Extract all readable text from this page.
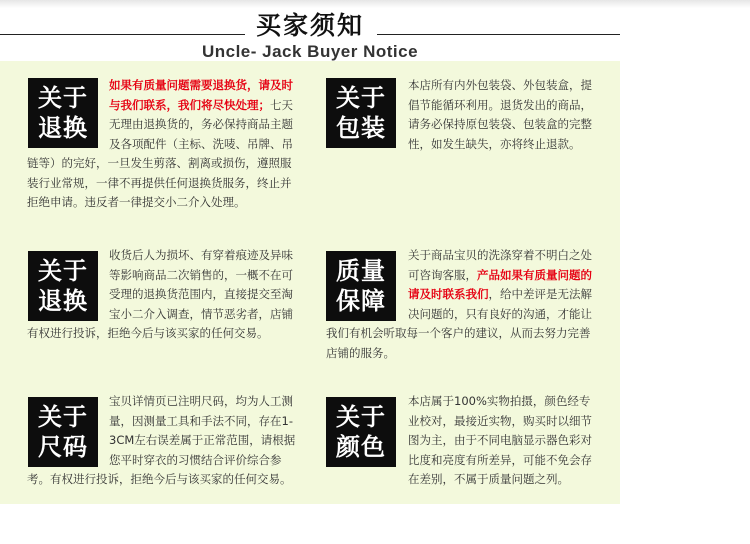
买家须知
Uncle- Jack Buyer Notice
关于
退换

如果有质量问题需要退换货，请及时与我们联系，我们将尽快处理；七天无理由退换货的，务必保持商品主题及各项配件（主标、洗唛、吊牌、吊链等）的完好，一旦发生剪落、割离或损伤，遵照服装行业常规，一律不再提供任何退换货服务，终止并拒绝申请。违反者一律提交小二介入处理。

关于
包装

本店所有内外包装袋、外包装盒，提倡节能循环利用。退货发出的商品，请务必保持原包装袋、包装盒的完整性，如发生缺失，亦将终止退款。

关于
退换

收货后人为损坏、有穿着痕迹及异味等影响商品二次销售的，一概不在可受理的退换货范围内，直接提交至淘宝小二介入调查，情节恶劣者，店铺有权进行投诉，拒绝今后与该买家的任何交易。

质量
保障

关于商品宝贝的洗涤穿着不明白之处可咨询客服，产品如果有质量问题的请及时联系我们，给中差评是无法解决问题的，只有良好的沟通，才能让我们有机会听取每一个客户的建议，从而去努力完善店铺的服务。

关于
尺码

宝贝详情页已注明尺码，均为人工测量，因测量工具和手法不同，存在1-3CM左右误差属于正常范围，请根据您平时穿衣的习惯结合评价综合参考。有权进行投诉，拒绝今后与该买家的任何交易。

关于
颜色

本店属于100%实物拍摄，颜色经专业校对，最接近实物，购买时以细节图为主，由于不同电脑显示器色彩对比度和亮度有所差异，可能不免会存在差别，不属于质量问题之列。
